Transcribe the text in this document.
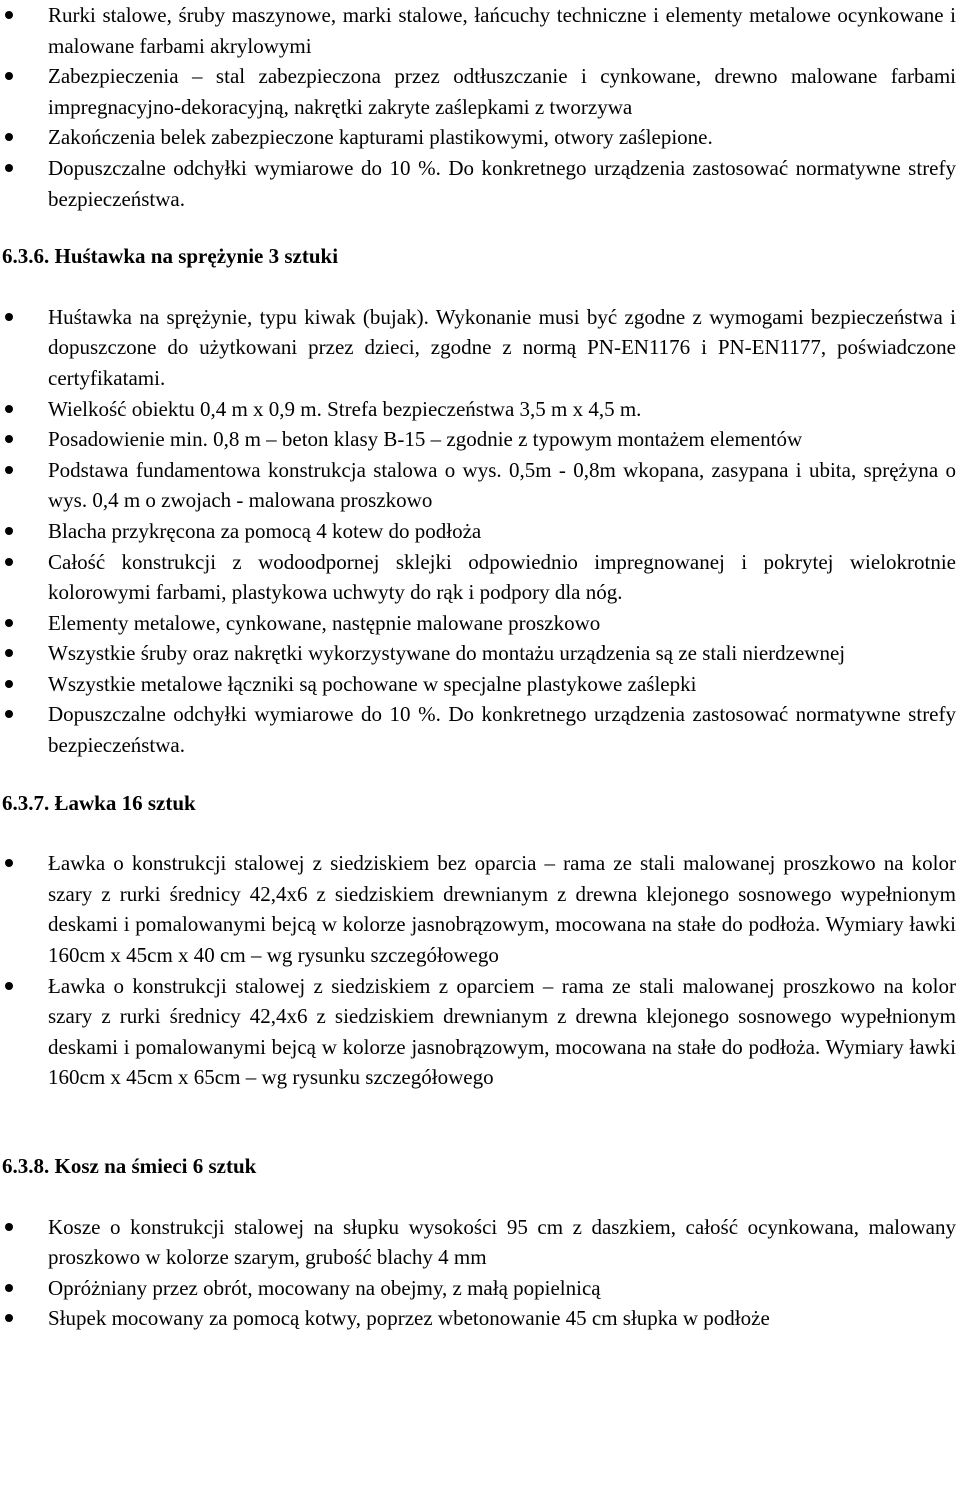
Rurki stalowe, śruby maszynowe, marki stalowe, łańcuchy techniczne i elementy metalowe ocynkowane i malowane farbami akrylowymi
Zabezpieczenia – stal zabezpieczona przez odtłuszczanie i cynkowane, drewno malowane farbami impregnacyjno-dekoracyjną, nakrętki zakryte zaślepkami z tworzywa
Zakończenia belek zabezpieczone kapturami plastikowymi, otwory zaślepione.
Dopuszczalne odchyłki wymiarowe do 10 %. Do konkretnego urządzenia zastosować normatywne strefy bezpieczeństwa.
6.3.6. Huśtawka na sprężynie 3 sztuki
Huśtawka na sprężynie, typu kiwak (bujak). Wykonanie musi być zgodne z wymogami bezpieczeństwa i dopuszczone do użytkowani przez dzieci, zgodne z normą PN-EN1176 i PN-EN1177, poświadczone certyfikatami.
Wielkość obiektu 0,4 m x 0,9 m. Strefa bezpieczeństwa 3,5 m x 4,5 m.
Posadowienie min. 0,8 m – beton klasy B-15 – zgodnie z typowym montażem elementów
Podstawa fundamentowa konstrukcja stalowa o wys. 0,5m - 0,8m wkopana, zasypana i ubita, sprężyna o wys. 0,4 m o zwojach - malowana proszkowo
Blacha przykręcona za pomocą 4 kotew do podłoża
Całość konstrukcji z wodoodpornej sklejki odpowiednio impregnowanej i pokrytej wielokrotnie kolorowymi farbami, plastykowa uchwyty do rąk i podpory dla nóg.
Elementy metalowe, cynkowane, następnie malowane proszkowo
Wszystkie śruby oraz nakrętki wykorzystywane do montażu urządzenia są ze stali nierdzewnej
Wszystkie metalowe łączniki są pochowane w specjalne plastykowe zaślepki
Dopuszczalne odchyłki wymiarowe do 10 %. Do konkretnego urządzenia zastosować normatywne strefy bezpieczeństwa.
6.3.7. Ławka 16 sztuk
Ławka o konstrukcji stalowej z siedziskiem bez oparcia – rama ze stali malowanej proszkowo na kolor szary z rurki średnicy 42,4x6 z siedziskiem drewnianym z drewna klejonego sosnowego wypełnionym deskami i pomalowanymi bejcą w kolorze jasnobrązowym, mocowana na stałe do podłoża. Wymiary ławki 160cm x 45cm x 40 cm – wg rysunku szczegółowego
Ławka o konstrukcji stalowej z siedziskiem z oparciem – rama ze stali malowanej proszkowo na kolor szary z rurki średnicy 42,4x6 z siedziskiem drewnianym z drewna klejonego sosnowego wypełnionym deskami i pomalowanymi bejcą w kolorze jasnobrązowym, mocowana na stałe do podłoża. Wymiary ławki 160cm x 45cm x 65cm – wg rysunku szczegółowego
6.3.8. Kosz na śmieci 6 sztuk
Kosze o konstrukcji stalowej na słupku wysokości 95 cm z daszkiem, całość ocynkowana, malowany proszkowo w kolorze szarym, grubość blachy 4 mm
Opróżniany przez obrót, mocowany na obejmy, z małą popielnicą
Słupek mocowany za pomocą kotwy, poprzez wbetonowanie 45 cm słupka w podłoże
